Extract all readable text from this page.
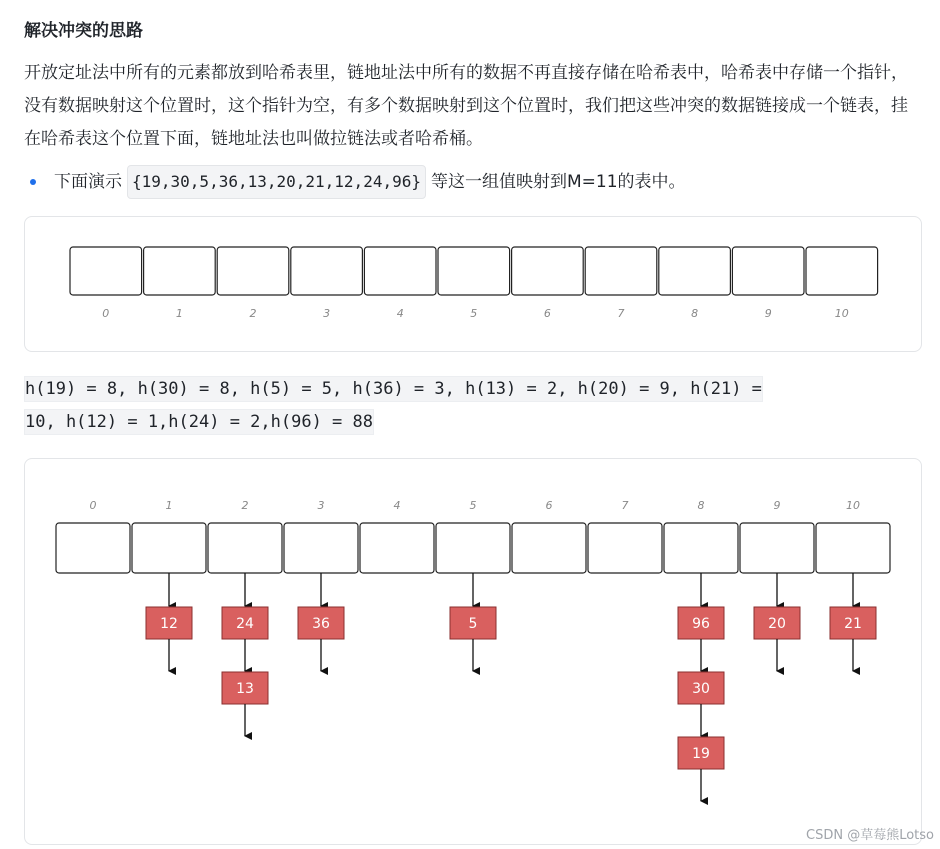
解决冲突的思路
开放定址法中所有的元素都放到哈希表里，链地址法中所有的数据不再直接存储在哈希表中，哈希表中存储一个指针，没有数据映射这个位置时，这个指针为空，有多个数据映射到这个位置时，我们把这些冲突的数据链接成一个链表，挂在哈希表这个位置下面，链地址法也叫做拉链法或者哈希桶。
下面演示 {19,30,5,36,13,20,21,12,24,96} 等这一组值映射到M=11的表中。
0	1	2	3	4	5	6	7	8	9	10
h(19) = 8, h(30) = 8, h(5) = 5, h(36) = 3, h(13) = 2, h(20) = 9, h(21) =
10, h(12) = 1,h(24) = 2,h(96) = 88
0	1	2	3	4	5	6	7	8	9	10
12	24
13
36	5	96
30
19
20	21
CSDN @草莓熊Lotso
